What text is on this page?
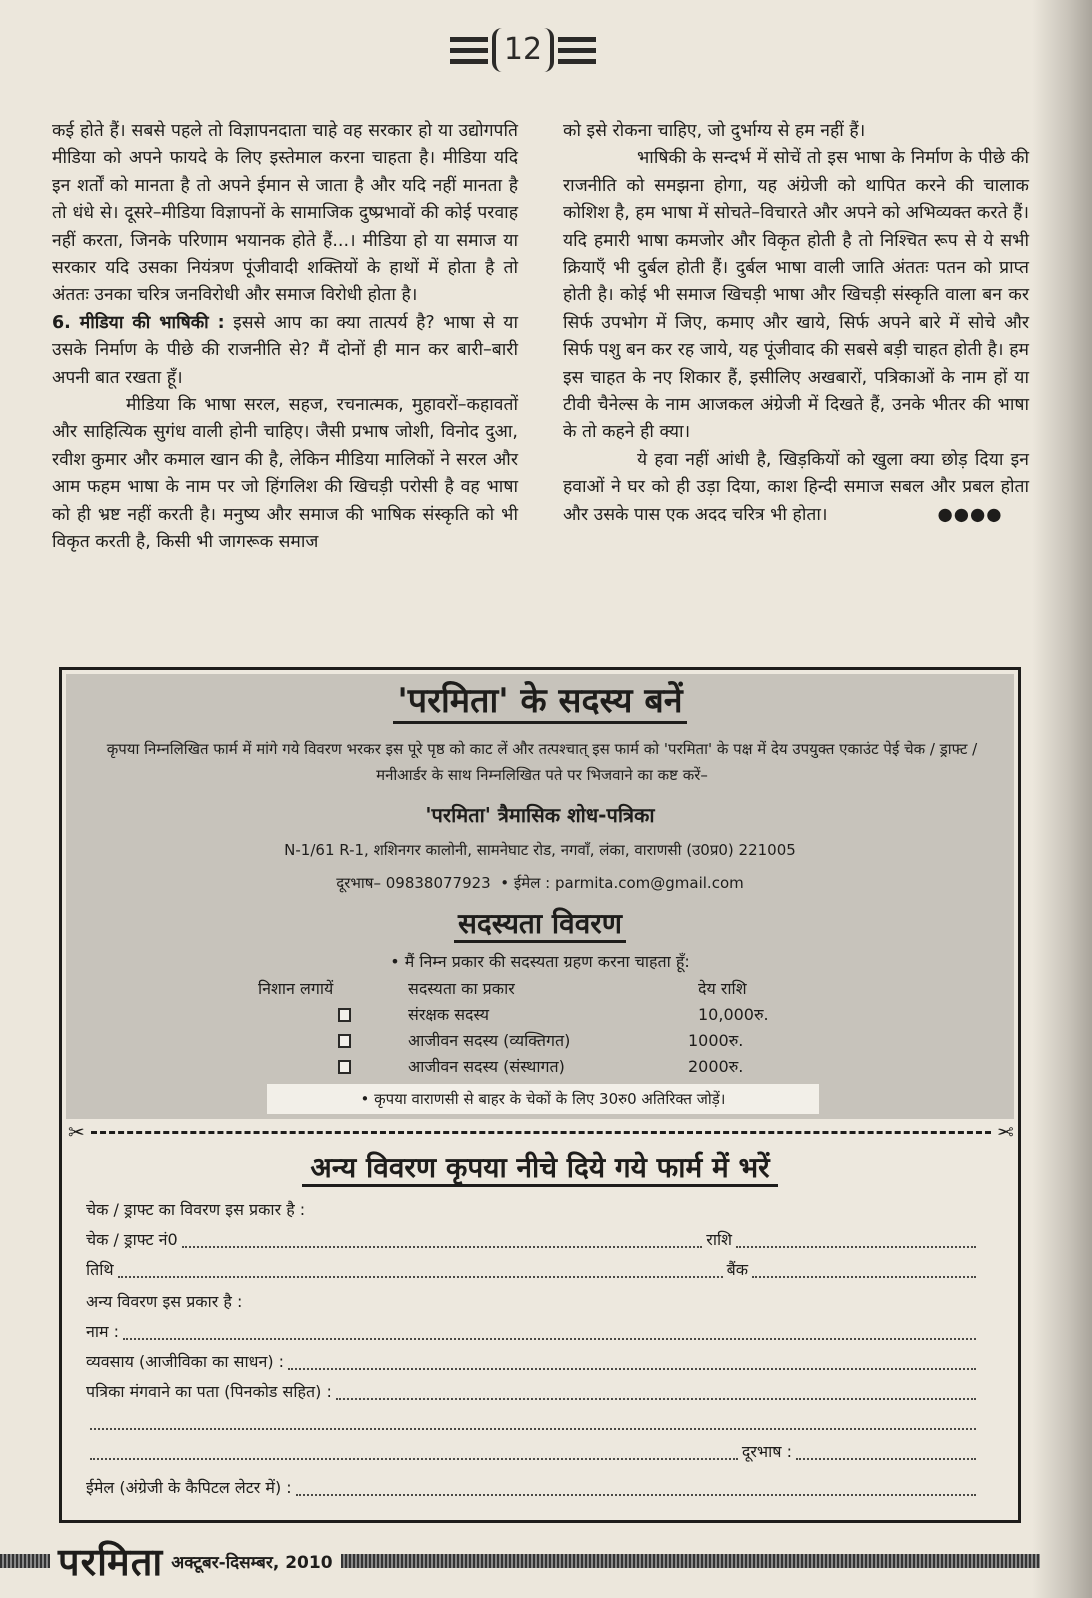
12

कई होते हैं। सबसे पहले तो विज्ञापनदाता चाहे वह सरकार हो या उद्योगपति मीडिया को अपने फायदे के लिए इस्तेमाल करना चाहता है। मीडिया यदि इन शर्तों को मानता है तो अपने ईमान से जाता है और यदि नहीं मानता है तो धंधे से। दूसरे–मीडिया विज्ञापनों के सामाजिक दुष्प्रभावों की कोई परवाह नहीं करता, जिनके परिणाम भयानक होते हैं...। मीडिया हो या समाज या सरकार यदि उसका नियंत्रण पूंजीवादी शक्तियों के हाथों में होता है तो अंततः उनका चरित्र जनविरोधी और समाज विरोधी होता है।

6. मीडिया की भाषिकी : इससे आप का क्या तात्पर्य है? भाषा से या उसके निर्माण के पीछे की राजनीति से? मैं दोनों ही मान कर बारी–बारी अपनी बात रखता हूँ।

मीडिया कि भाषा सरल, सहज, रचनात्मक, मुहावरों–कहावतों और साहित्यिक सुगंध वाली होनी चाहिए। जैसी प्रभाष जोशी, विनोद दुआ, रवीश कुमार और कमाल खान की है, लेकिन मीडिया मालिकों ने सरल और आम फहम भाषा के नाम पर जो हिंगलिश की खिचड़ी परोसी है वह भाषा को ही भ्रष्ट नहीं करती है। मनुष्य और समाज की भाषिक संस्कृति को भी विकृत करती है, किसी भी जागरूक समाज

को इसे रोकना चाहिए, जो दुर्भाग्य से हम नहीं हैं।

भाषिकी के सन्दर्भ में सोचें तो इस भाषा के निर्माण के पीछे की राजनीति को समझना होगा, यह अंग्रेजी को थापित करने की चालाक कोशिश है, हम भाषा में सोचते–विचारते और अपने को अभिव्यक्त करते हैं। यदि हमारी भाषा कमजोर और विकृत होती है तो निश्चित रूप से ये सभी क्रियाएँ भी दुर्बल होती हैं। दुर्बल भाषा वाली जाति अंततः पतन को प्राप्त होती है। कोई भी समाज खिचड़ी भाषा और खिचड़ी संस्कृति वाला बन कर सिर्फ उपभोग में जिए, कमाए और खाये, सिर्फ अपने बारे में सोचे और सिर्फ पशु बन कर रह जाये, यह पूंजीवाद की सबसे बड़ी चाहत होती है। हम इस चाहत के नए शिकार हैं, इसीलिए अखबारों, पत्रिकाओं के नाम हों या टीवी चैनेल्स के नाम आजकल अंग्रेजी में दिखते हैं, उनके भीतर की भाषा के तो कहने ही क्या।

ये हवा नहीं आंधी है, खिड़कियों को खुला क्या छोड़ दिया इन हवाओं ने घर को ही उड़ा दिया, काश हिन्दी समाज सबल और प्रबल होता और उसके पास एक अदद चरित्र भी होता।	●●●●

'परमिता' के सदस्य बनें
कृपया निम्नलिखित फार्म में मांगे गये विवरण भरकर इस पूरे पृष्ठ को काट लें और तत्पश्चात् इस फार्म को 'परमिता' के पक्ष में देय उपयुक्त एकाउंट पेई चेक / ड्राफ्ट / मनीआर्डर के साथ निम्नलिखित पते पर भिजवाने का कष्ट करें–
'परमिता' त्रैमासिक शोध-पत्रिका
N-1/61 R-1, शशिनगर कालोनी, सामनेघाट रोड, नगवाँ, लंका, वाराणसी (उ0प्र0) 221005
दूरभाष– 09838077923 • ईमेल : parmita.com@gmail.com
सदस्यता विवरण
• मैं निम्न प्रकार की सदस्यता ग्रहण करना चाहता हूँ:
निशान लगायें	सदस्यता का प्रकार	देय राशि
संरक्षक सदस्य	10,000रु.
आजीवन सदस्य (व्यक्तिगत)	1000रु.
आजीवन सदस्य (संस्थागत)	2000रु.
• कृपया वाराणसी से बाहर के चेकों के लिए 30रु0 अतिरिक्त जोड़ें।
✂	✂
अन्य विवरण कृपया नीचे दिये गये फार्म में भरें
चेक / ड्राफ्ट का विवरण इस प्रकार है :
चेक / ड्राफ्ट नं0	राशि
तिथि	बैंक
अन्य विवरण इस प्रकार है :
नाम :
व्यवसाय (आजीविका का साधन) :
पत्रिका मंगवाने का पता (पिनकोड सहित) :
दूरभाष :
ईमेल (अंग्रेजी के कैपिटल लेटर में) :
परमिता अक्टूबर-दिसम्बर, 2010
